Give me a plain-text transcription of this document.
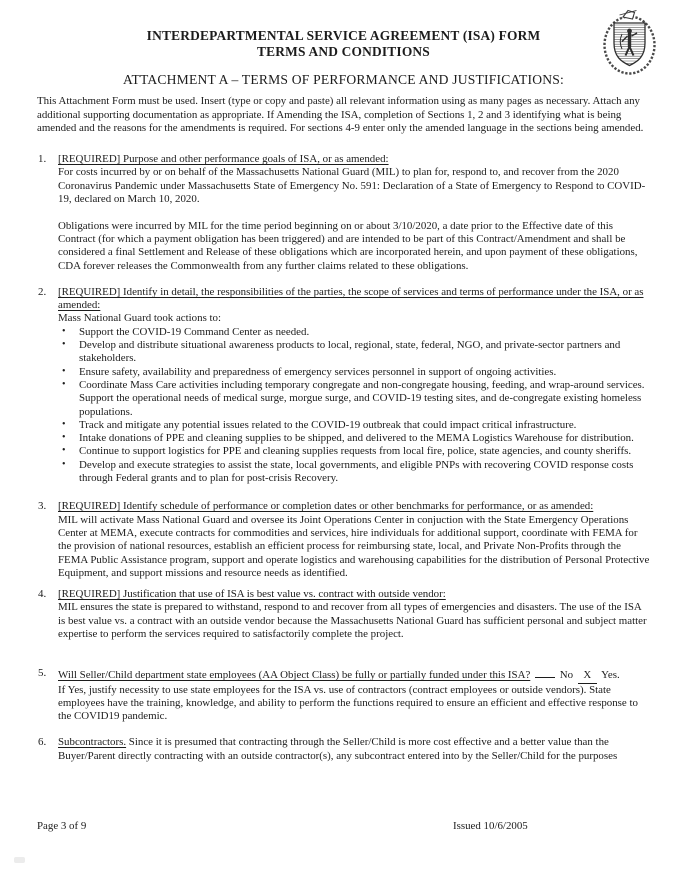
INTERDEPARTMENTAL SERVICE AGREEMENT (ISA) FORM
TERMS AND CONDITIONS
ATTACHMENT A – TERMS OF PERFORMANCE AND JUSTIFICATIONS:

This Attachment Form must be used. Insert (type or copy and paste) all relevant information using as many pages as necessary. Attach any additional supporting documentation as appropriate. If Amending the ISA, completion of Sections 1, 2 and 3 identifying what is being amended and the reasons for the amendments is required. For sections 4-9 enter only the amended language in the sections being amended.

1. [REQUIRED] Purpose and other performance goals of ISA, or as amended:

For costs incurred by or on behalf of the Massachusetts National Guard (MIL) to plan for, respond to, and recover from the 2020 Coronavirus Pandemic under Massachusetts State of Emergency No. 591: Declaration of a State of Emergency to Respond to COVID-19, declared on March 10, 2020.

Obligations were incurred by MIL for the time period beginning on or about 3/10/2020, a date prior to the Effective date of this Contract (for which a payment obligation has been triggered) and are intended to be part of this Contract/Amendment and shall be considered a final Settlement and Release of these obligations which are incorporated herein, and upon payment of these obligations, CDA forever releases the Commonwealth from any further claims related to these obligations.

2. [REQUIRED] Identify in detail, the responsibilities of the parties, the scope of services and terms of performance under the ISA, or as amended:

Mass National Guard took actions to:

• Support the COVID-19 Command Center as needed.
• Develop and distribute situational awareness products to local, regional, state, federal, NGO, and private-sector partners and stakeholders.
• Ensure safety, availability and preparedness of emergency services personnel in support of ongoing activities.
• Coordinate Mass Care activities including temporary congregate and non-congregate housing, feeding, and wrap-around services.
Support the operational needs of medical surge, morgue surge, and COVID-19 testing sites, and de-congregate existing homeless populations.
• Track and mitigate any potential issues related to the COVID-19 outbreak that could impact critical infrastructure.
• Intake donations of PPE and cleaning supplies to be shipped, and delivered to the MEMA Logistics Warehouse for distribution.
• Continue to support logistics for PPE and cleaning supplies requests from local fire, police, state agencies, and county sheriffs.
• Develop and execute strategies to assist the state, local governments, and eligible PNPs with recovering COVID response costs through Federal grants and to plan for post-crisis Recovery.
3. [REQUIRED] Identify schedule of performance or completion dates or other benchmarks for performance, or as amended:

MIL will activate Mass National Guard and oversee its Joint Operations Center in conjuction with the State Emergency Operations Center at MEMA, execute contracts for commodities and services, hire individuals for additional support, coordinate with FEMA for the provision of national resources, establish an efficient process for reimbursing state, local, and Private Non-Profits through the FEMA Public Assistance program, support and operate logistics and warehousing capabilities for the distribution of Personal Protective Equipment, and support missions and resource needs as identified.

4. [REQUIRED] Justification that use of ISA is best value vs. contract with outside vendor:

MIL ensures the state is prepared to withstand, respond to and recover from all types of emergencies and disasters. The use of the ISA is best value vs. a contract with an outside vendor because the Massachusetts National Guard has sufficient personal and subject matter expertise to perform the services required to satisfactorily complete the project.

5. Will Seller/Child department state employees (AA Object Class) be fully or partially funded under this ISA?	No X Yes.

If Yes, justify necessity to use state employees for the ISA vs. use of contractors (contract employees or outside vendors). State employees have the training, knowledge, and ability to perform the functions required to ensure an efficient and effective response to the COVID19 pandemic.

6. Subcontractors. Since it is presumed that contracting through the Seller/Child is more cost effective and a better value than the Buyer/Parent directly contracting with an outside contractor(s), any subcontract entered into by the Seller/Child for the purposes

Page 3 of 9	Issued 10/6/2005
